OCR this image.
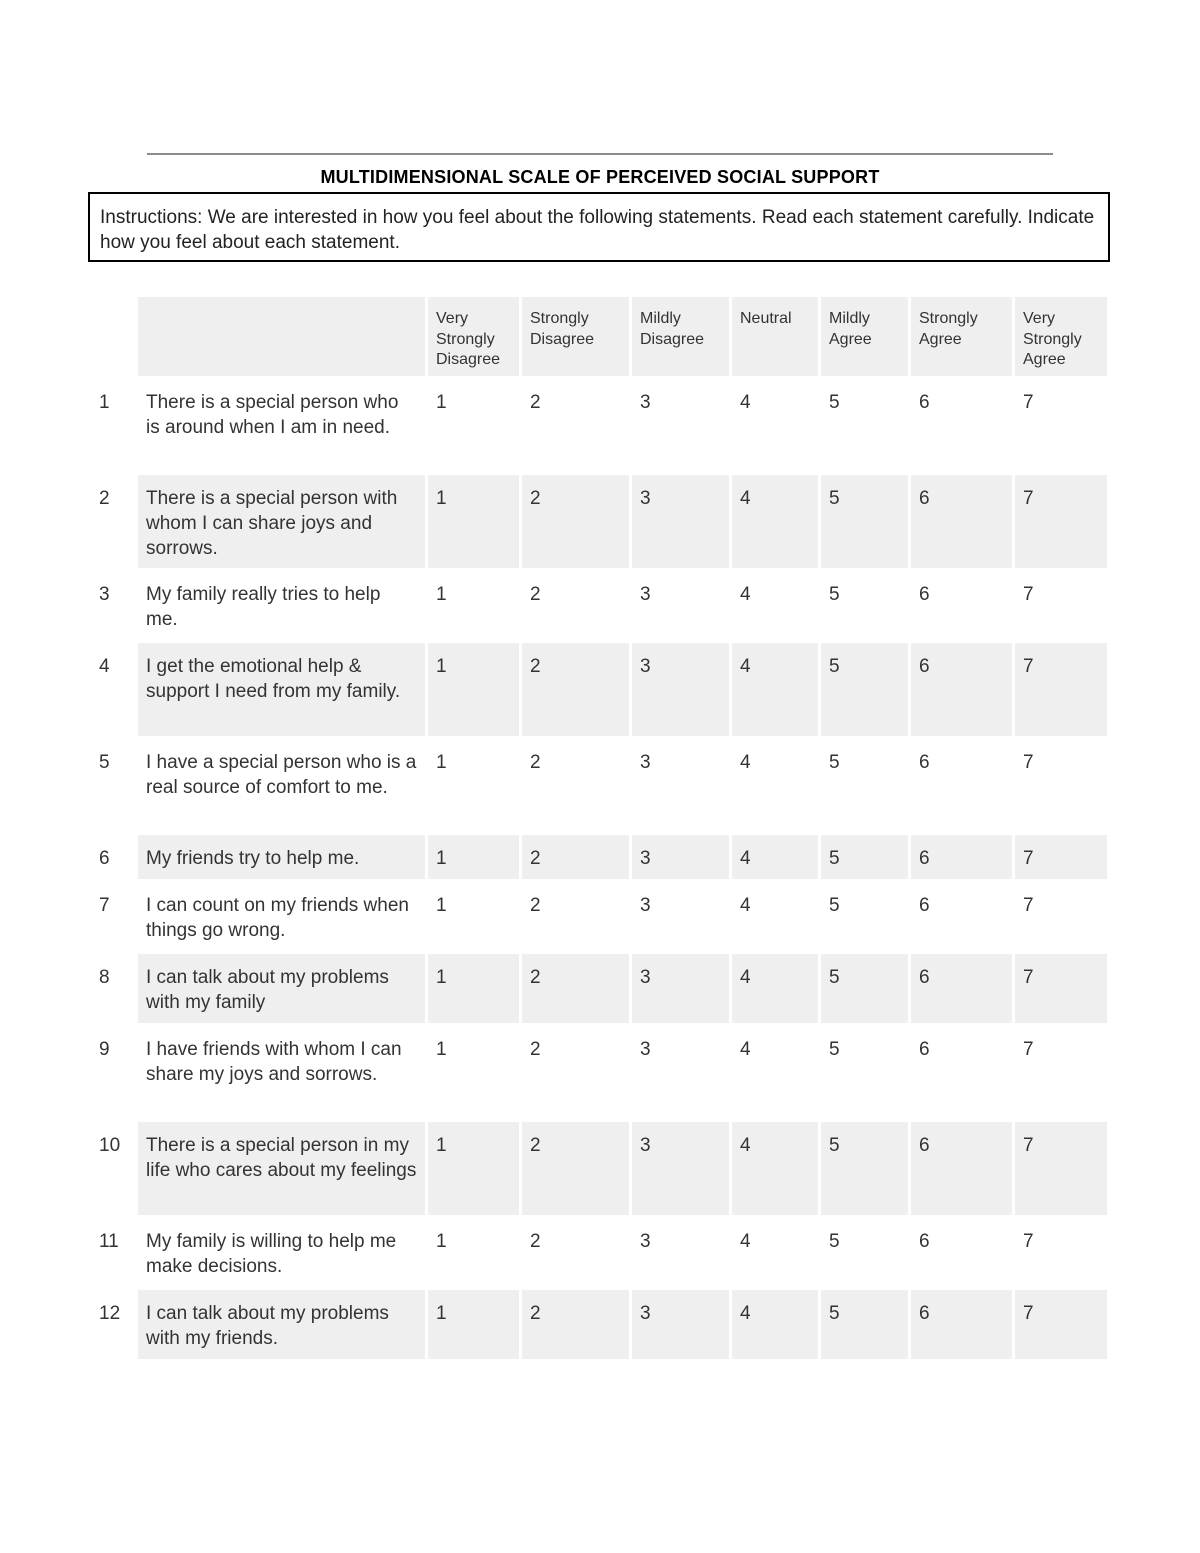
MULTIDIMENSIONAL SCALE OF PERCEIVED SOCIAL SUPPORT
Instructions: We are interested in how you feel about the following statements. Read each statement carefully. Indicate how you feel about each statement.
		Very Strongly Disagree	Strongly Disagree	Mildly Disagree	Neutral	Mildly Agree	Strongly Agree	Very Strongly Agree
1	There is a special person who is around when I am in need.	1	2	3	4	5	6	7
2	There is a special person with whom I can share joys and sorrows.	1	2	3	4	5	6	7
3	My family really tries to help me.	1	2	3	4	5	6	7
4	I get the emotional help & support I need from my family.	1	2	3	4	5	6	7
5	I have a special person who is a real source of comfort to me.	1	2	3	4	5	6	7
6	My friends try to help me.	1	2	3	4	5	6	7
7	I can count on my friends when things go wrong.	1	2	3	4	5	6	7
8	I can talk about my problems with my family	1	2	3	4	5	6	7
9	I have friends with whom I can share my joys and sorrows.	1	2	3	4	5	6	7
10	There is a special person in my life who cares about my feelings	1	2	3	4	5	6	7
11	My family is willing to help me make decisions.	1	2	3	4	5	6	7
12	I can talk about my problems with my friends.	1	2	3	4	5	6	7
